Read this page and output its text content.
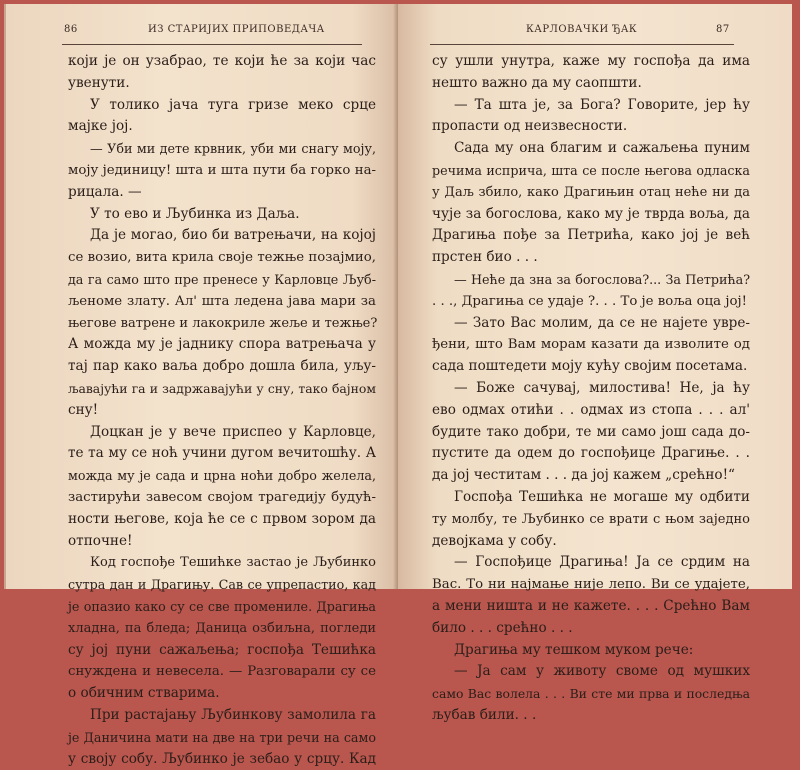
86	ИЗ СТАРИЈИХ ПРИПОВЕДАЧА
који је он узабрао, те који ће за који час
увенути.
У толико јача туга гризе меко срце
мајке јој.
— Уби ми дете крвник, уби ми снагу моју,
моју јединицу! шта и шта пути ба горко на-
рицала. —
У то ево и Љубинка из Даља.
Да је могао, био би ватрењачи, на којој
се возио, вита крила своје тежње позајмио,
да га само што пре пренесе у Карловце Љуб-
љеноме злату. Ал' шта ледена јава мари за
његове ватрене и лакокриле жеље и тежње?
А можда му је јаднику спора ватрењача у
тај пар како ваља добро дошла била, уљу-
љавајући га и задржавајући у сну, тако бајном
сну!
Доцкан је у вече приспео у Карловце,
те та му се ноћ учини дугом вечитошћу. А
можда му је сада и црна ноћи добро желела,
застирући завесом својом трагедију будућ-
ности његове, која ће се с првом зором да
отпочне!
Код госпође Тешићке застао је Љубинко
сутра дан и Драгињу. Сав се упрепастио, кад
је опазио како су се све промениле. Драгиња
хладна, па бледа; Даница озбиљна, погледи
су јој пуни сажаљења; госпођа Тешићка
снуждена и невесела. — Разговарали су се
о обичним стварима.
При растајању Љубинкову замолила га
је Даничина мати на две на три речи на само
у своју собу. Љубинко је зебао у срцу. Кад
КАРЛОВАЧКИ ЂАК	87
су ушли унутра, каже му госпођа да има
нешто важно да му саопшти.
— Та шта је, за Бога? Говорите, јер ћу
пропасти од неизвесности.
Сада му она благим и сажаљења пуним
речима исприча, шта се после његова одласка
у Даљ збило, како Драгињин отац неће ни да
чује за богослова, како му је тврда воља, да
Драгиња пође за Петрића, како јој је већ
прстен био . . .
— Неће да зна за богослова?... За Петрића?
. . ., Драгиња се удаје ?. . . То је воља оца јој!
— Зато Вас молим, да се не најете увре-
ђени, што Вам морам казати да изволите од
сада поштедети моју кућу својим посетама.
— Боже сачувај, милостива! Не, ја ћу
ево одмах отићи . . одмах из стопа . . . ал'
будите тако добри, те ми само још сада до-
пустите да одем до госпођице Драгиње. . .
да јој честитам . . . да јој кажем „срећно!“
Госпођа Тешићка не могаше му одбити
ту молбу, те Љубинко се врати с њом заједно
девојкама у собу.
— Госпођице Драгиња! Ја се срдим на
Вас. То ни најмање није лепо. Ви се удајете,
а мени ништа и не кажете. . . . Срећно Вам
било . . . срећно . . .
Драгиња му тешком муком рече:
— Ја сам у животу своме од мушких
само Вас волела . . . Ви сте ми прва и последња
љубав били. . .
